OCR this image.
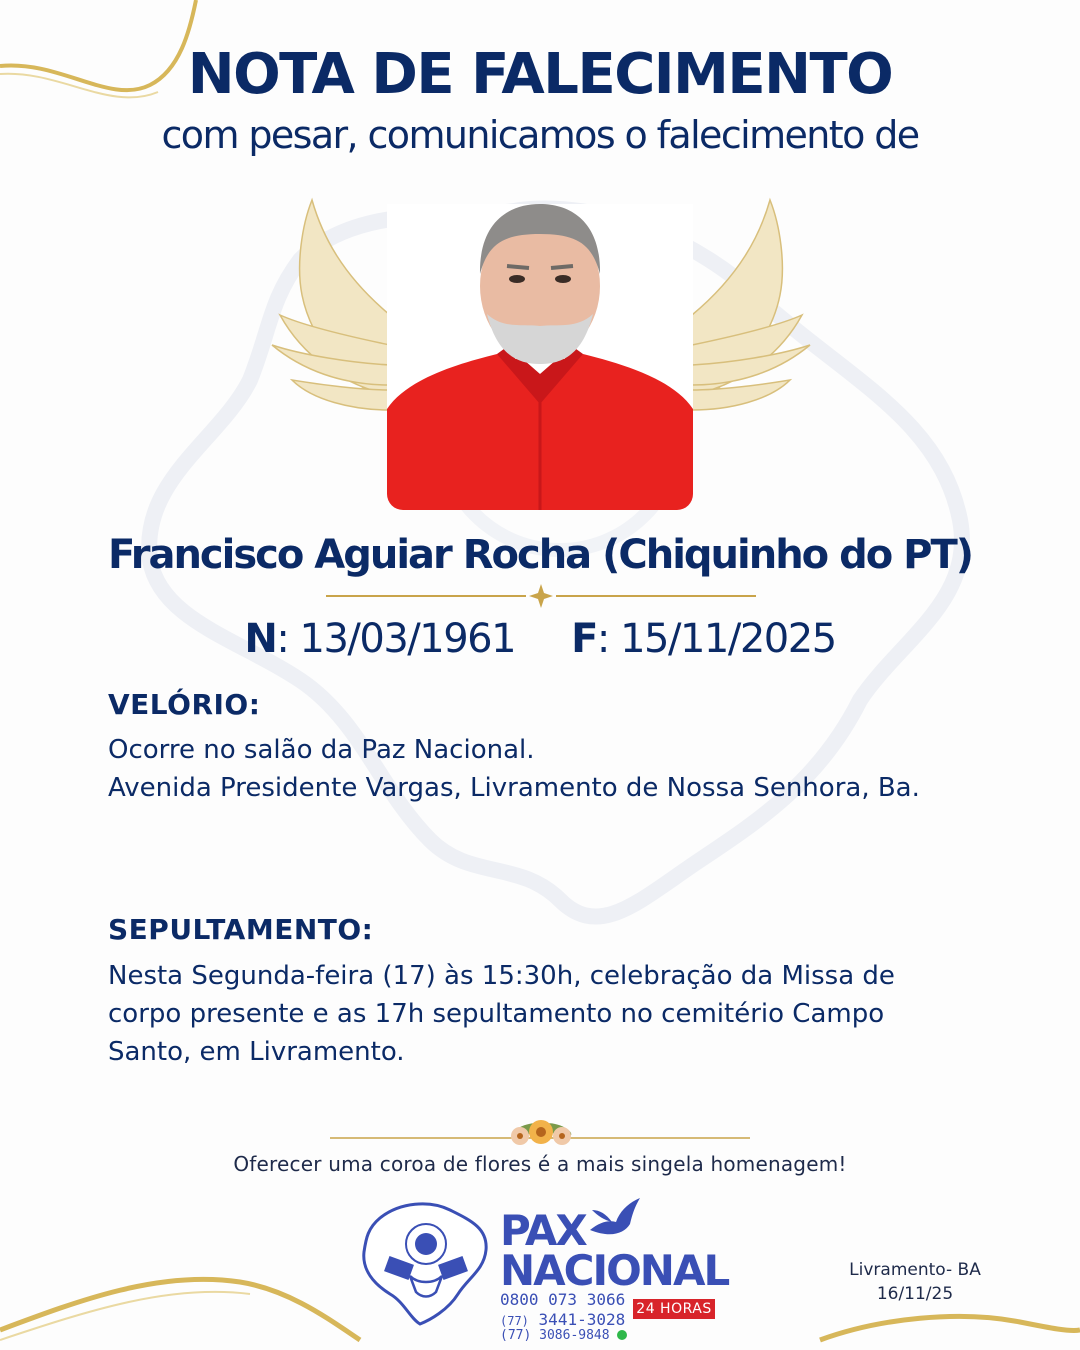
NOTA DE FALECIMENTO
com pesar, comunicamos o falecimento de
Francisco Aguiar Rocha (Chiquinho do PT)
N: 13/03/1961 F: 15/11/2025
VELÓRIO:
Ocorre no salão da Paz Nacional.
Avenida Presidente Vargas, Livramento de Nossa Senhora, Ba.
SEPULTAMENTO:
Nesta Segunda-feira (17) às 15:30h, celebração da Missa de
corpo presente e as 17h sepultamento no cemitério Campo
Santo, em Livramento.
Oferecer uma coroa de flores é a mais singela homenagem!
PAX
NACIONAL
0800 073 3066
(77) 3441-3028
(77) 3086-9848
24 HORAS
Livramento- BA
16/11/25
